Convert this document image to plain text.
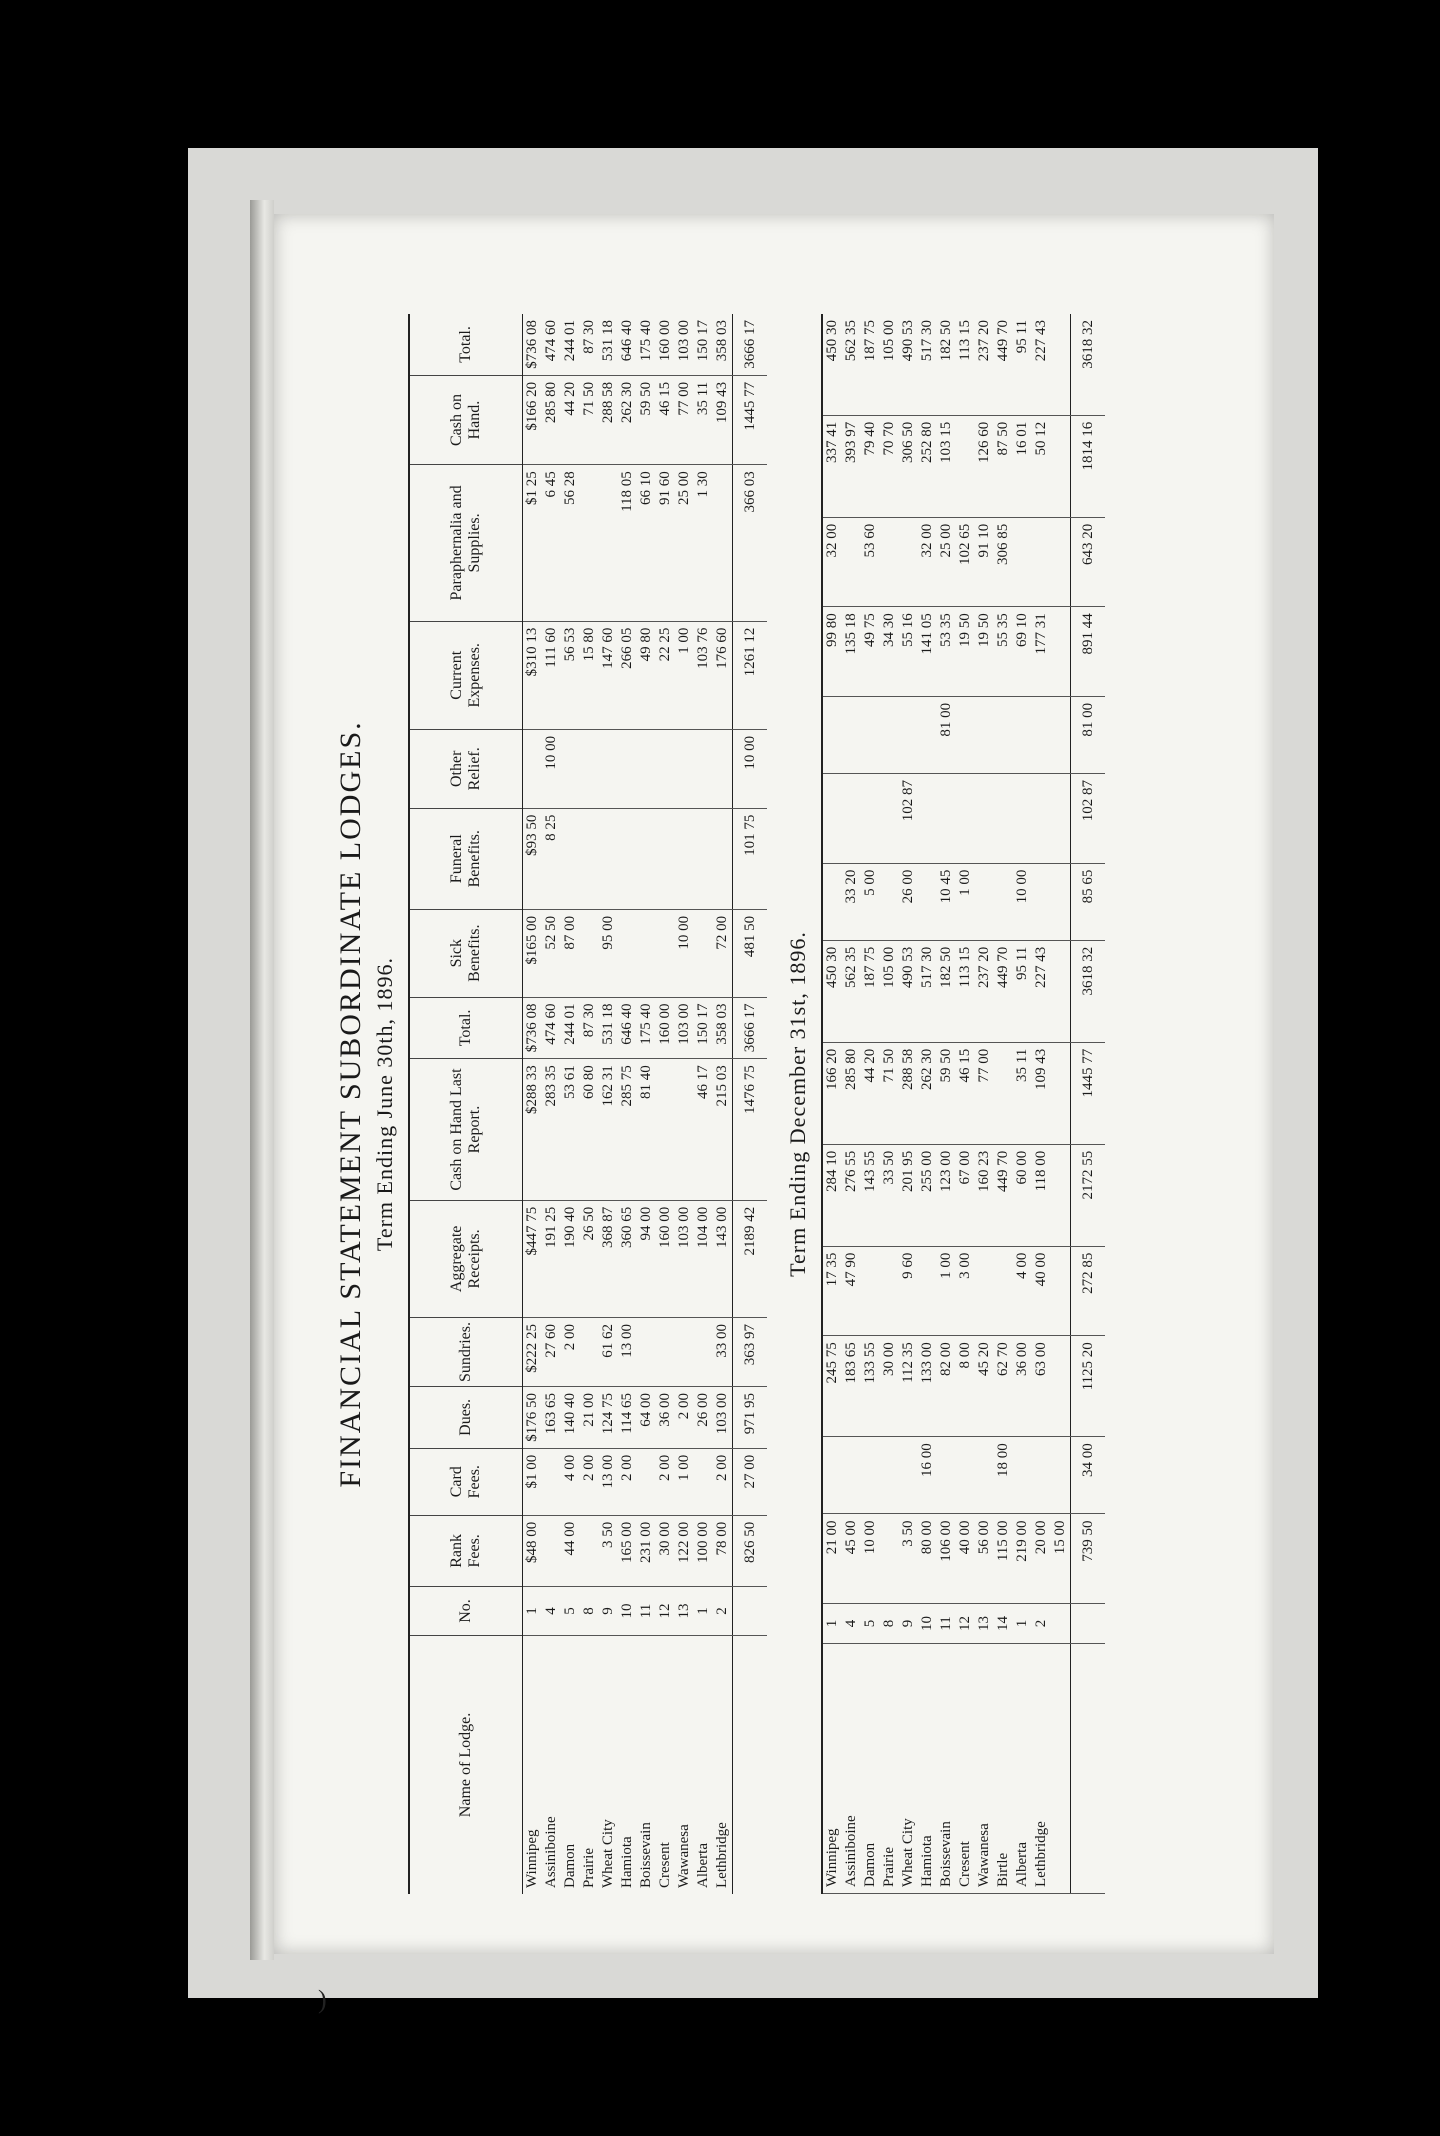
FINANCIAL STATEMENT SUBORDINATE LODGES. Term Ending June 30th, 1896.
Name of Lodge.	No.	Rank Fees.	Card Fees.	Dues.	Sundries.	Aggregate Receipts.	Cash on Hand Last Report.	Total.	Sick Benefits.	Funeral Benefits.	Other Relief.	Current Expenses.	Paraphernalia and Supplies.	Cash on Hand.	Total.
Winnipeg	1	$48 00	$1 00	$176 50	$222 25	$447 75	$288 33	$736 08	$165 00	$93 50		$310 13	$1 25	$166 20	$736 08
Assiniboine	4			163 65	27 60	191 25	283 35	474 60	52 50	8 25	10 00	111 60	6 45	285 80	474 60
Damon	5	44 00	4 00	140 40	2 00	190 40	53 61	244 01	87 00			56 53	56 28	44 20	244 01
Prairie	8		2 00	21 00		26 50	60 80	87 30				15 80		71 50	87 30
Wheat City	9	3 50	13 00	124 75	61 62	368 87	162 31	531 18	95 00			147 60		288 58	531 18
Hamiota	10	165 00	2 00	114 65	13 00	360 65	285 75	646 40				266 05	118 05	262 30	646 40
Boissevain	11	231 00		64 00		94 00	81 40	175 40				49 80	66 10	59 50	175 40
Cresent	12	30 00	2 00	36 00		160 00		160 00				22 25	91 60	46 15	160 00
Wawanesa	13	122 00	1 00	2 00		103 00		103 00	10 00			1 00	25 00	77 00	103 00
Alberta	1	100 00		26 00		104 00	46 17	150 17				103 76	1 30	35 11	150 17
Lethbridge	2	78 00	2 00	103 00	33 00	143 00	215 03	358 03	72 00			176 60		109 43	358 03
		826 50	27 00	971 95	363 97	2189 42	1476 75	3666 17	481 50	101 75	10 00	1261 12	366 03	1445 77	3666 17
Term Ending December 31st, 1896.
Winnipeg	1	21 00		245 75	17 35	284 10	166 20	450 30				99 80	32 00	337 41	450 30
Assiniboine	4	45 00		183 65	47 90	276 55	285 80	562 35	33 20			135 18		393 97	562 35
Damon	5	10 00		133 55		143 55	44 20	187 75	5 00			49 75	53 60	79 40	187 75
Prairie	8			30 00		33 50	71 50	105 00				34 30		70 70	105 00
Wheat City	9	3 50		112 35	9 60	201 95	288 58	490 53	26 00	102 87		55 16		306 50	490 53
Hamiota	10	80 00	16 00	133 00		255 00	262 30	517 30				141 05	32 00	252 80	517 30
Boissevain	11	106 00		82 00	1 00	123 00	59 50	182 50	10 45		81 00	53 35	25 00	103 15	182 50
Cresent	12	40 00		8 00	3 00	67 00	46 15	113 15	1 00			19 50	102 65		113 15
Wawanesa	13	56 00		45 20		160 23	77 00	237 20				19 50	91 10	126 60	237 20
Birtle	14	115 00	18 00	62 70		449 70		449 70				55 35	306 85	87 50	449 70
Alberta	1	219 00		36 00	4 00	60 00	35 11	95 11	10 00			69 10		16 01	95 11
Lethbridge	2	20 00		63 00	40 00	118 00	109 43	227 43				177 31		50 12	227 43
		15 00													
		739 50	34 00	1125 20	272 85	2172 55	1445 77	3618 32	85 65	102 87	81 00	891 44	643 20	1814 16	3618 32
)
